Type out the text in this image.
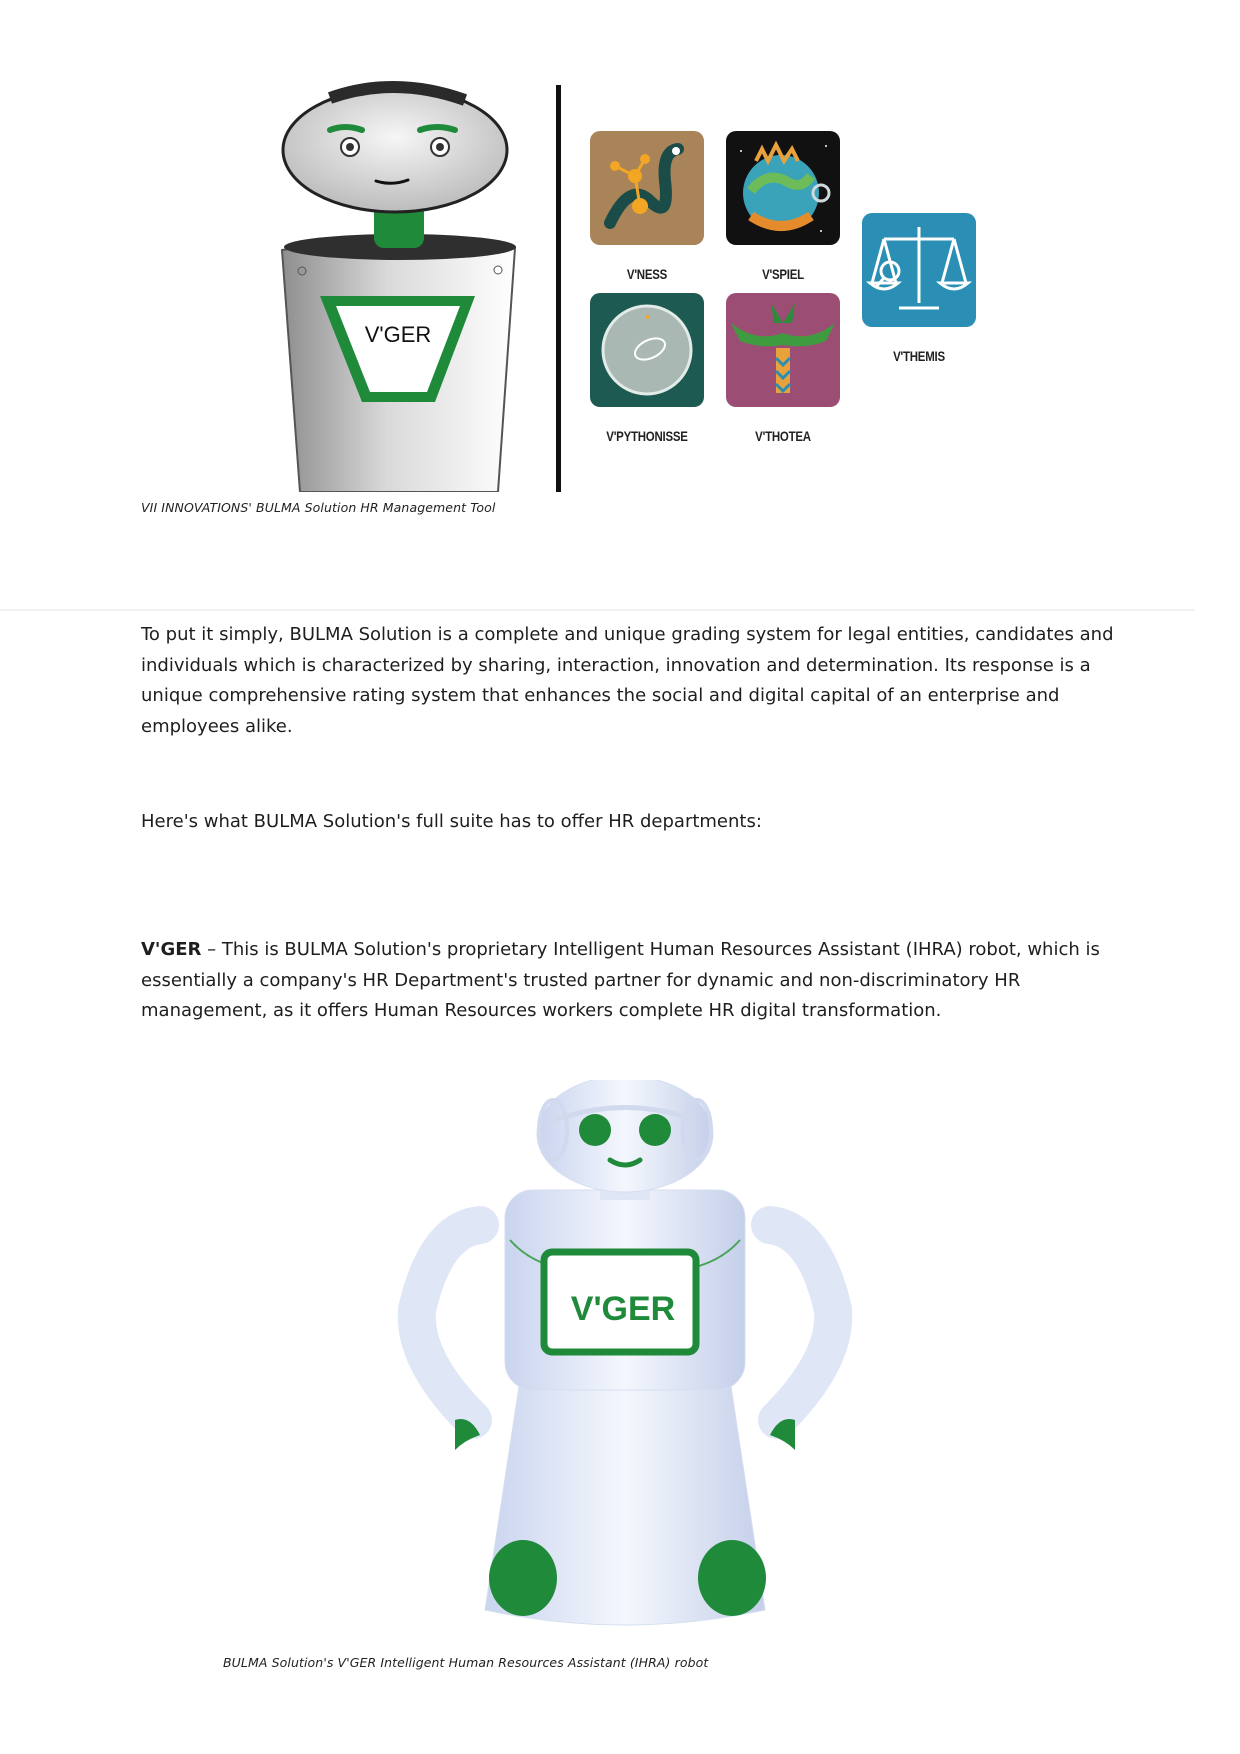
V'GER
V'NESS	V'SPIEL
V'THEMIS
V'PYTHONISSE	V'THOTEA
VII INNOVATIONS' BULMA Solution HR Management Tool
To put it simply, BULMA Solution is a complete and unique grading system for legal entities, candidates and individuals which is characterized by sharing, interaction, innovation and determination. Its response is a unique comprehensive rating system that enhances the social and digital capital of an enterprise and employees alike.
Here's what BULMA Solution's full suite has to offer HR departments:
V'GER – This is BULMA Solution's proprietary Intelligent Human Resources Assistant (IHRA) robot, which is essentially a company's HR Department's trusted partner for dynamic and non-discriminatory HR management, as it offers Human Resources workers complete HR digital transformation.
V'GER
BULMA Solution's V'GER Intelligent Human Resources Assistant (IHRA) robot
